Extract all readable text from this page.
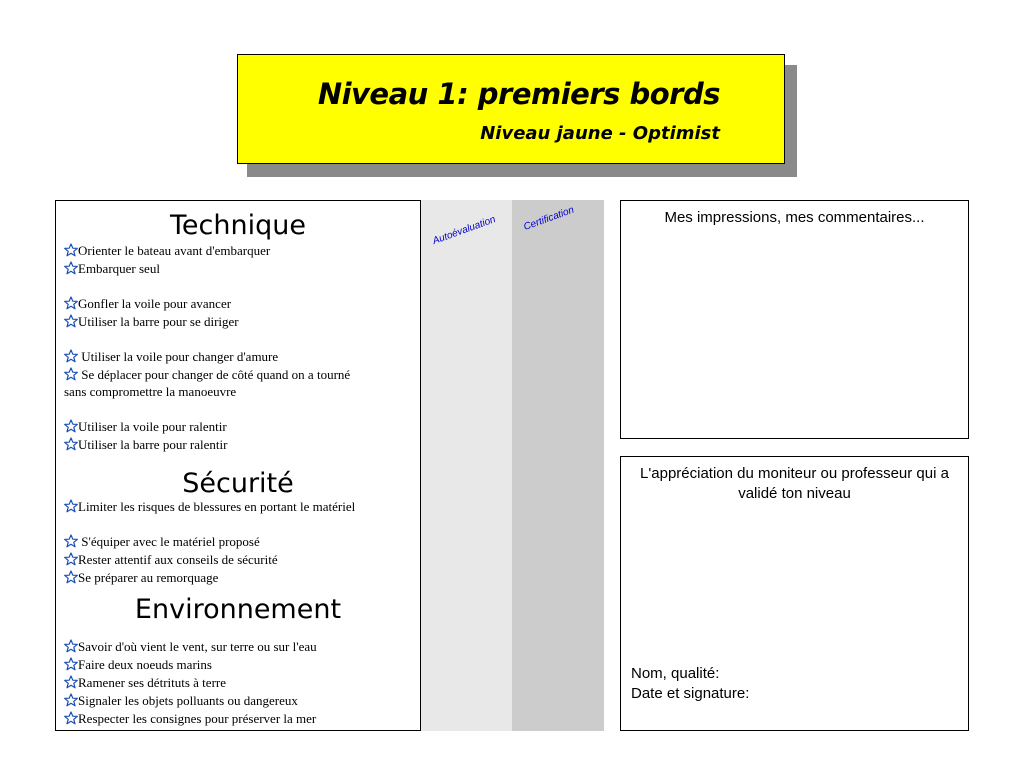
Niveau 1: premiers bords
Niveau jaune - Optimist
Autoévaluation	Certification
Technique
Orienter le bateau avant d'embarquer
Embarquer seul
Gonfler la voile pour avancer
Utiliser la barre pour se diriger
Utiliser la voile pour changer d'amure
Se déplacer pour changer de côté quand on a tourné sans compromettre la manoeuvre
Utiliser la voile pour ralentir
Utiliser la barre pour ralentir
Sécurité
Limiter les risques de blessures en portant le matériel
S'équiper avec le matériel proposé
Rester attentif aux conseils de sécurité
Se préparer au remorquage
Environnement
Savoir d'où vient le vent, sur terre ou sur l'eau
Faire deux noeuds marins
Ramener ses détrituts à terre
Signaler les objets polluants ou dangereux
Respecter les consignes pour préserver la mer
Mes impressions, mes commentaires...
L'appréciation du moniteur ou professeur qui a validé ton niveau
Nom, qualité:
Date et signature:
